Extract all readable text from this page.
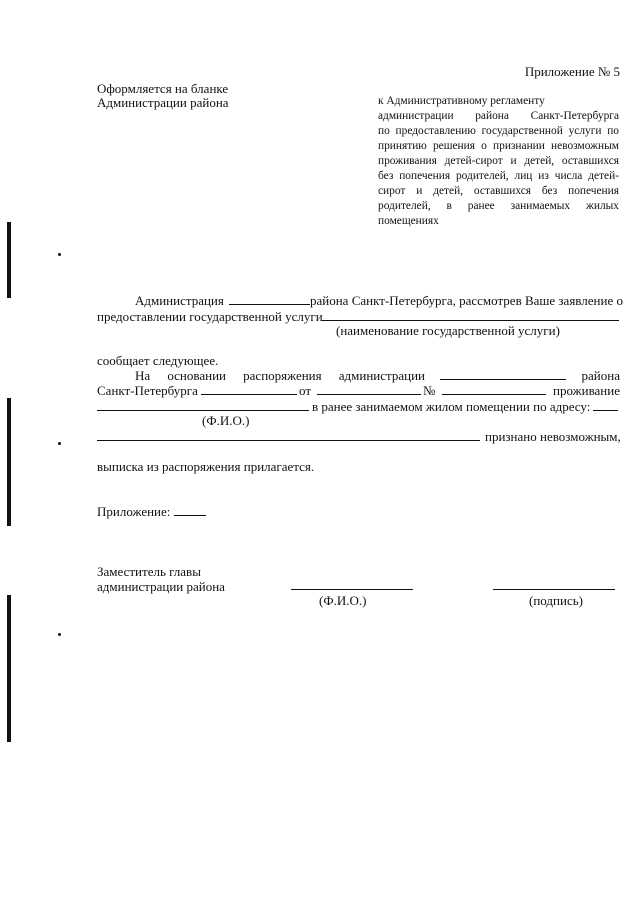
Приложение № 5
Оформляется на бланке
Администрации района	к Административному регламенту
администрации района Санкт-Петербурга
по предоставлению государственной услуги по
принятию решения о признании невозможным
проживания детей-сирот и детей, оставшихся
без попечения родителей, лиц из числа детей-
сирот и детей, оставшихся без попечения
родителей, в ранее занимаемых жилых
помещениях
Администрация	района Санкт-Петербурга, рассмотрев Ваше заявление о
предоставлении государственной услуги
(наименование государственной услуги)
сообщает следующее.
На основании распоряжения администрации	района
Санкт-Петербурга	от	№	проживание
в ранее занимаемом жилом помещении по адресу:
(Ф.И.О.)
признано невозможным,
выписка из распоряжения прилагается.
Приложение:
Заместитель главы
администрации района
(Ф.И.О.)	(подпись)
